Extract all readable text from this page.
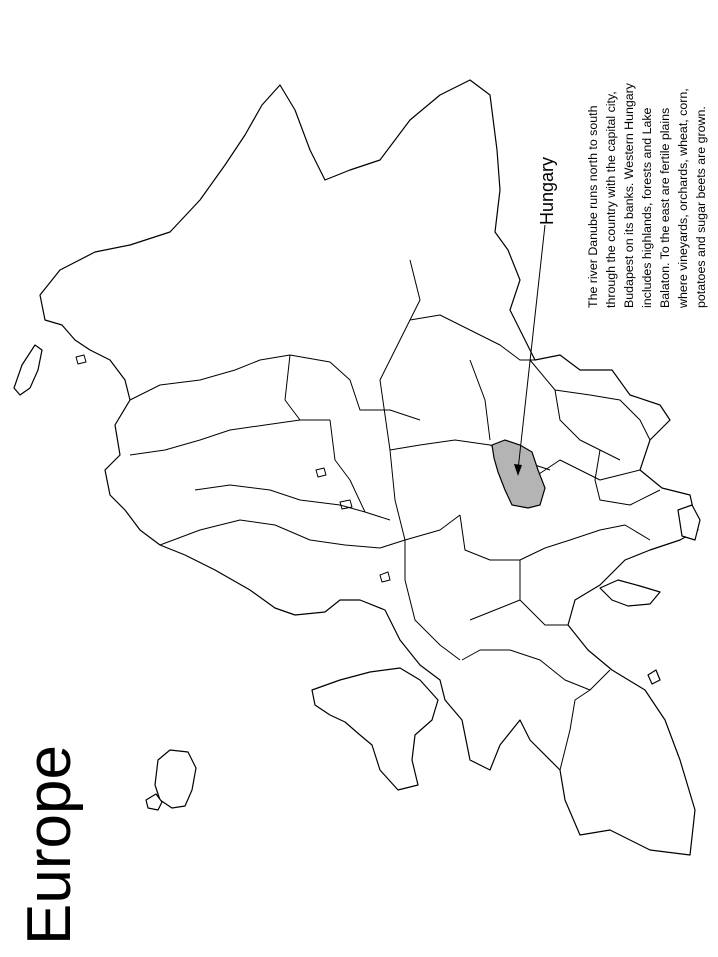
Europe
Hungary The river Danube runs north to south through the country with the capital city, Budapest on its banks. Western Hungary includes highlands, forests and Lake Balaton. To the east are fertile plains where vineyards, orchards, wheat, corn, potatoes and sugar beets are grown.
